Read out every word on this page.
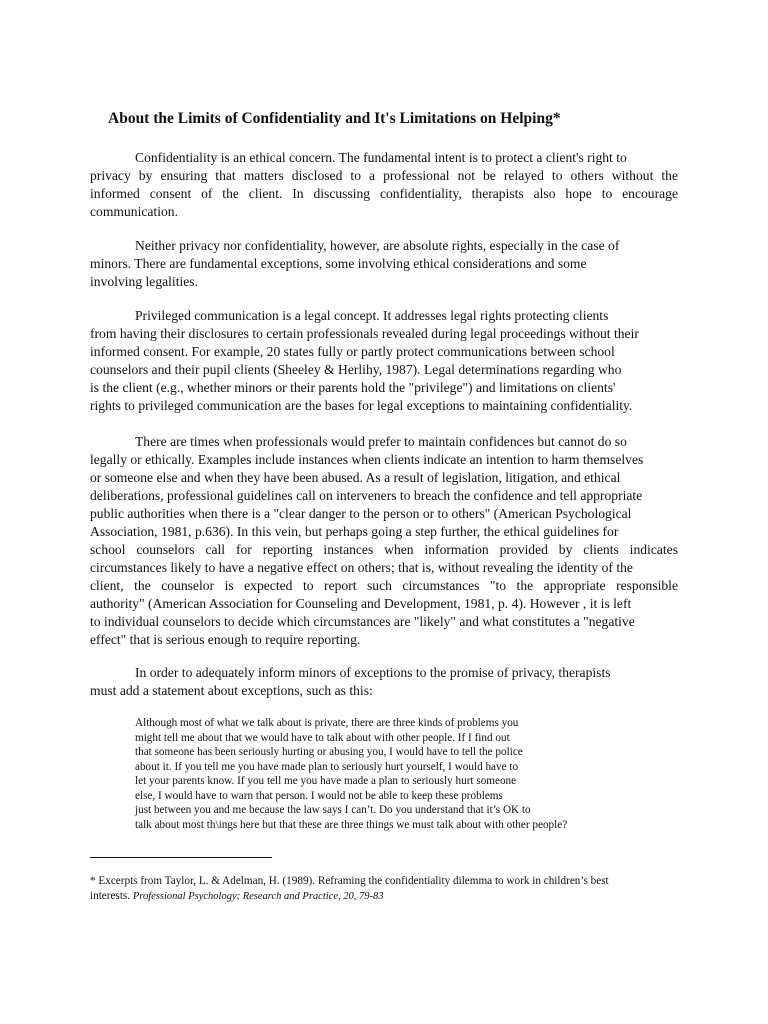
About the Limits of Confidentiality and It's Limitations on Helping*
Confidentiality is an ethical concern. The fundamental intent is to protect a client's right to
privacy by ensuring that matters disclosed to a professional not be relayed to others without the
informed consent of the client. In discussing confidentiality, therapists also hope to encourage
communication.
Neither privacy nor confidentiality, however, are absolute rights, especially in the case of
minors. There are fundamental exceptions, some involving ethical considerations and some
involving legalities.
Privileged communication is a legal concept. It addresses legal rights protecting clients
from having their disclosures to certain professionals revealed during legal proceedings without their
informed consent. For example, 20 states fully or partly protect communications between school
counselors and their pupil clients (Sheeley & Herlihy, 1987). Legal determinations regarding who
is the client (e.g., whether minors or their parents hold the "privilege") and limitations on clients'
rights to privileged communication are the bases for legal exceptions to maintaining confidentiality.
There are times when professionals would prefer to maintain confidences but cannot do so
legally or ethically. Examples include instances when clients indicate an intention to harm themselves
or someone else and when they have been abused. As a result of legislation, litigation, and ethical
deliberations, professional guidelines call on interveners to breach the confidence and tell appropriate
public authorities when there is a "clear danger to the person or to others" (American Psychological
Association, 1981, p.636). In this vein, but perhaps going a step further, the ethical guidelines for
school counselors call for reporting instances when information provided by clients indicates
circumstances likely to have a negative effect on others; that is, without revealing the identity of the
client, the counselor is expected to report such circumstances "to the appropriate responsible
authority" (American Association for Counseling and Development, 1981, p. 4). However , it is left
to individual counselors to decide which circumstances are "likely" and what constitutes a "negative
effect" that is serious enough to require reporting.
In order to adequately inform minors of exceptions to the promise of privacy, therapists
must add a statement about exceptions, such as this:
Although most of what we talk about is private, there are three kinds of problems you
might tell me about that we would have to talk about with other people. If I find out
that someone has been seriously hurting or abusing you, I would have to tell the police
about it. If you tell me you have made plan to seriously hurt yourself, I would have to
let your parents know. If you tell me you have made a plan to seriously hurt someone
else, I would have to warn that person. I would not be able to keep these problems
just between you and me because the law says I can’t. Do you understand that it’s OK to
talk about most th\ings here but that these are three things we must talk about with other people?
* Excerpts from Taylor, L. & Adelman, H. (1989). Reframing the confidentiality dilemma to work in children’s best
interests. Professional Psychology; Research and Practice, 20, 79-83
